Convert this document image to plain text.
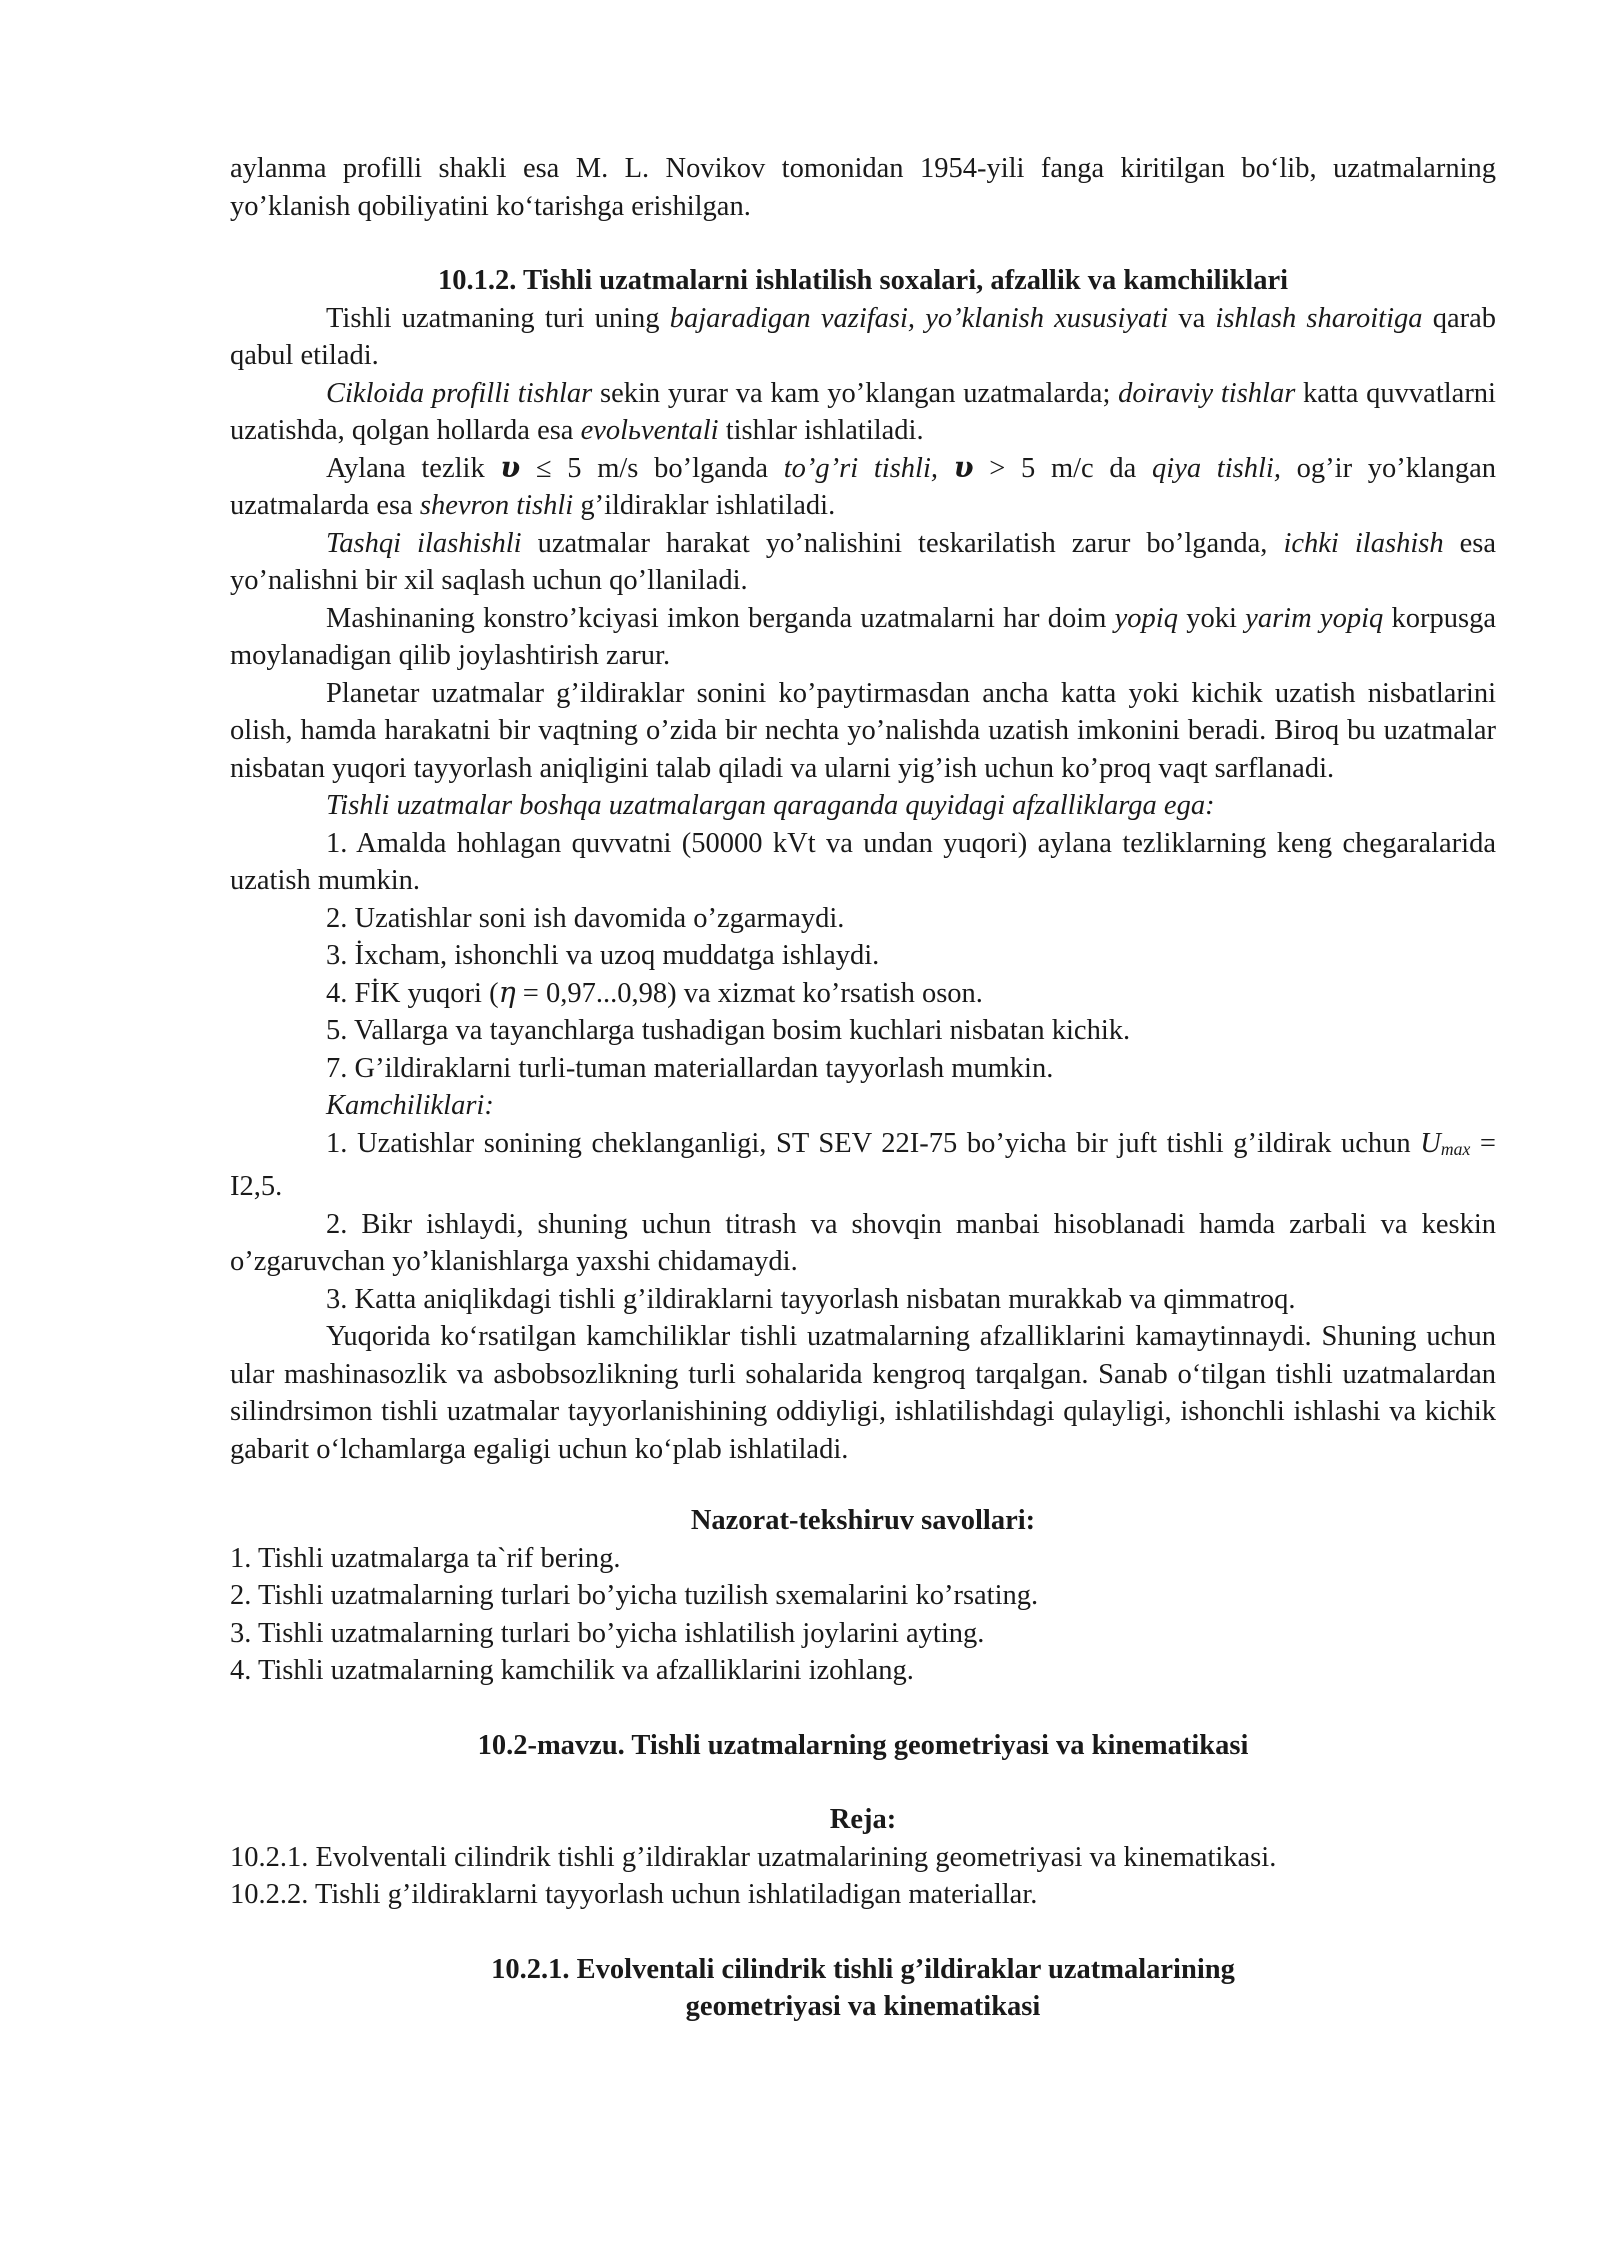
aylanma profilli shakli esa M. L. Novikov tomonidan 1954-yili fanga kiritilgan bo‘lib, uzatmalarning yo’klanish qobiliyatini ko‘tarishga erishilgan.

10.1.2. Tishli uzatmalarni ishlatilish soxalari, afzallik va kamchiliklari

Tishli uzatmaning turi uning bajaradigan vazifasi, yo’klanish xususiyati va ishlash sharoitiga qarab qabul etiladi.

Cikloida profilli tishlar sekin yurar va kam yo’klangan uzatmalarda; doiraviy tishlar katta quvvatlarni uzatishda, qolgan hollarda esa evolьventali tishlar ishlatiladi.

Aylana tezlik 𝝊 ≤ 5 m/s bo’lganda to’g’ri tishli, 𝝊 > 5 m/c da qiya tishli, og’ir yo’klangan uzatmalarda esa shevron tishli g’ildiraklar ishlatiladi.

Tashqi ilashishli uzatmalar harakat yo’nalishini teskarilatish zarur bo’lganda, ichki ilashish esa yo’nalishni bir xil saqlash uchun qo’llaniladi.

Mashinaning konstro’kciyasi imkon berganda uzatmalarni har doim yopiq yoki yarim yopiq korpusga moylanadigan qilib joylashtirish zarur.

Planetar uzatmalar g’ildiraklar sonini ko’paytirmasdan ancha katta yoki kichik uzatish nisbatlarini olish, hamda harakatni bir vaqtning o’zida bir nechta yo’nalishda uzatish imkonini beradi. Biroq bu uzatmalar nisbatan yuqori tayyorlash aniqligini talab qiladi va ularni yig’ish uchun ko’proq vaqt sarflanadi.

Tishli uzatmalar boshqa uzatmalargan qaraganda quyidagi afzalliklarga ega:

1. Amalda hohlagan quvvatni (50000 kVt va undan yuqori) aylana tezliklarning keng chegaralarida uzatish mumkin.

2. Uzatishlar soni ish davomida o’zgarmaydi.

3. İxcham, ishonchli va uzoq muddatga ishlaydi.

4. FİK yuqori (𝜂 = 0,97...0,98) va xizmat ko’rsatish oson.

5. Vallarga va tayanchlarga tushadigan bosim kuchlari nisbatan kichik.

7. G’ildiraklarni turli-tuman materiallardan tayyorlash mumkin.

Kamchiliklari:

1. Uzatishlar sonining cheklanganligi, ST SEV 22I-75 bo’yicha bir juft tishli g’ildirak uchun $U_{max} = I2,5$.

2. Bikr ishlaydi, shuning uchun titrash va shovqin manbai hisoblanadi hamda zarbali va keskin o’zgaruvchan yo’klanishlarga yaxshi chidamaydi.

3. Katta aniqlikdagi tishli g’ildiraklarni tayyorlash nisbatan murakkab va qimmatroq.

Yuqorida ko‘rsatilgan kamchiliklar tishli uzatmalarning afzalliklarini kamaytinnaydi. Shuning uchun ular mashinasozlik va asbobsozlikning turli sohalarida kengroq tarqalgan. Sanab o‘tilgan tishli uzatmalardan silindrsimon tishli uzatmalar tayyorlanishining oddiyligi, ishlatilishdagi qulayligi, ishonchli ishlashi va kichik gabarit o‘lchamlarga egaligi uchun ko‘plab ishlatiladi.

Nazorat-tekshiruv savollari:

1. Tishli uzatmalarga ta`rif bering.

2. Tishli uzatmalarning turlari bo’yicha tuzilish sxemalarini ko’rsating.

3. Tishli uzatmalarning turlari bo’yicha ishlatilish joylarini ayting.

4. Tishli uzatmalarning kamchilik va afzalliklarini izohlang.

10.2-mavzu. Tishli uzatmalarning geometriyasi va kinematikasi

Reja:

10.2.1. Evolventali cilindrik tishli g’ildiraklar uzatmalarining geometriyasi va kinematikasi.

10.2.2. Tishli g’ildiraklarni tayyorlash uchun ishlatiladigan materiallar.

10.2.1. Evolventali cilindrik tishli g’ildiraklar uzatmalarining
geometriyasi va kinematikasi
